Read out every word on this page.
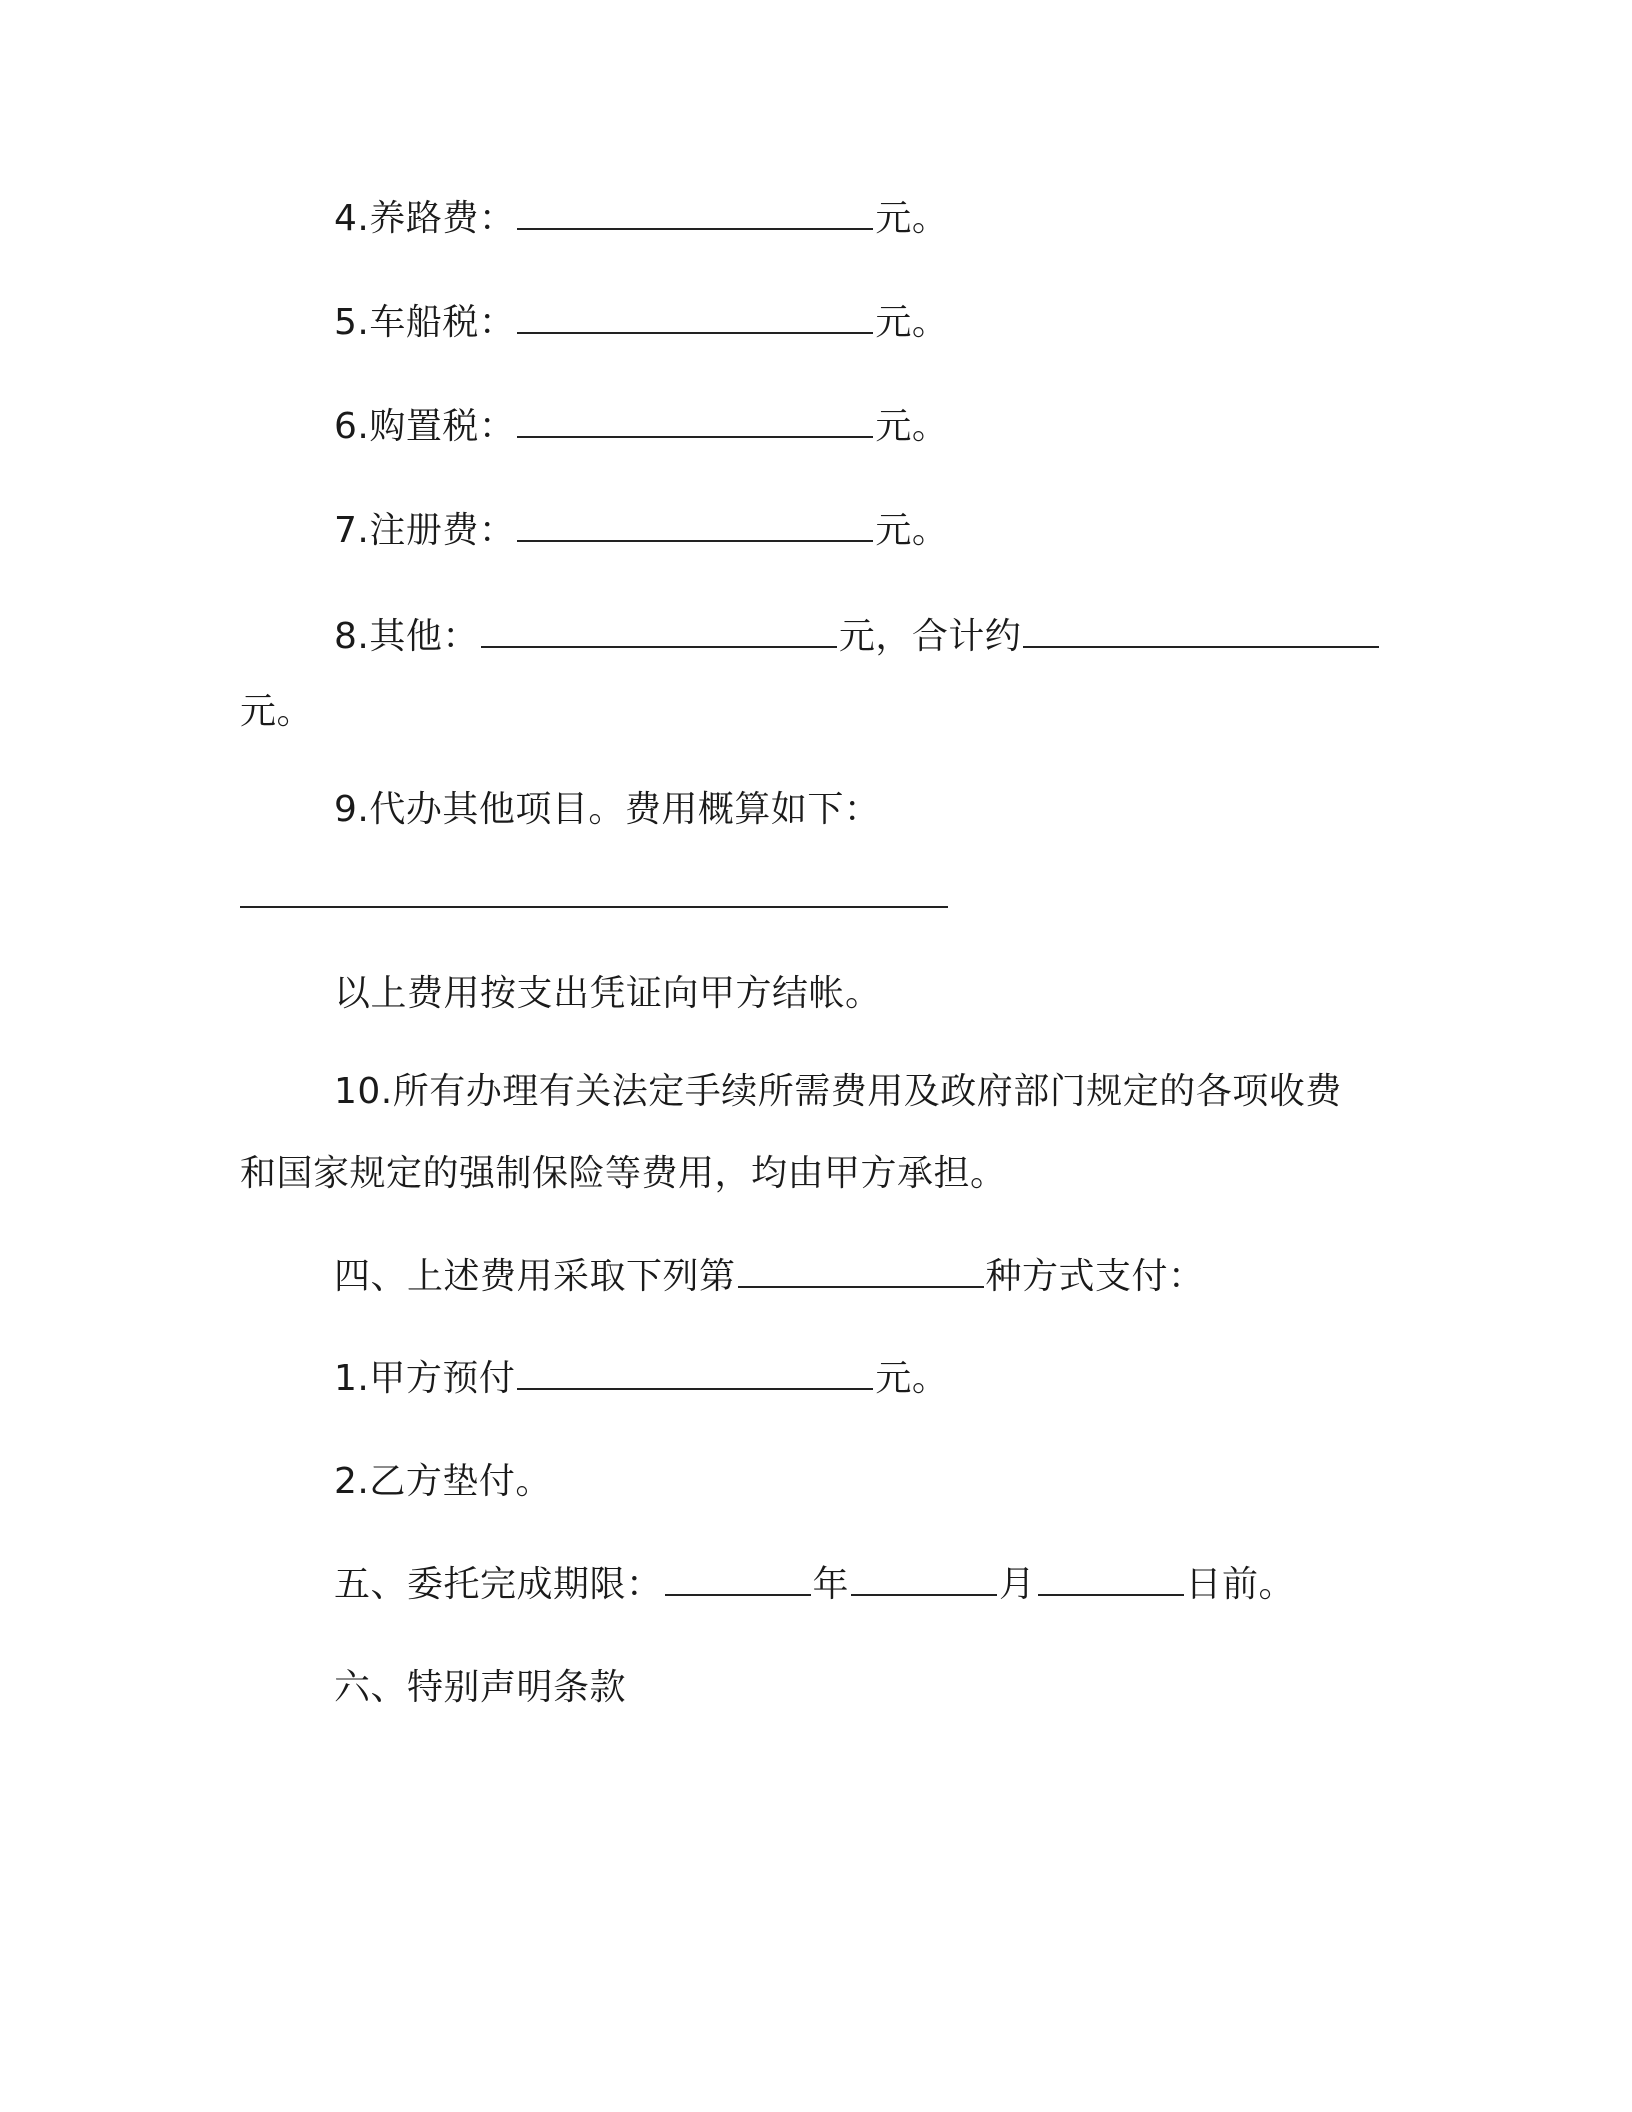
4.养路费：	元。
5.车船税：	元。
6.购置税：	元。
7.注册费：	元。
8.其他：	元，合计约
元。
9.代办其他项目。费用概算如下：
以上费用按支出凭证向甲方结帐。
10.所有办理有关法定手续所需费用及政府部门规定的各项收费
和国家规定的强制保险等费用，均由甲方承担。
四、上述费用采取下列第	种方式支付：
1.甲方预付	元。
2.乙方垫付。
五、委托完成期限：	年	月	日前。
六、特别声明条款
